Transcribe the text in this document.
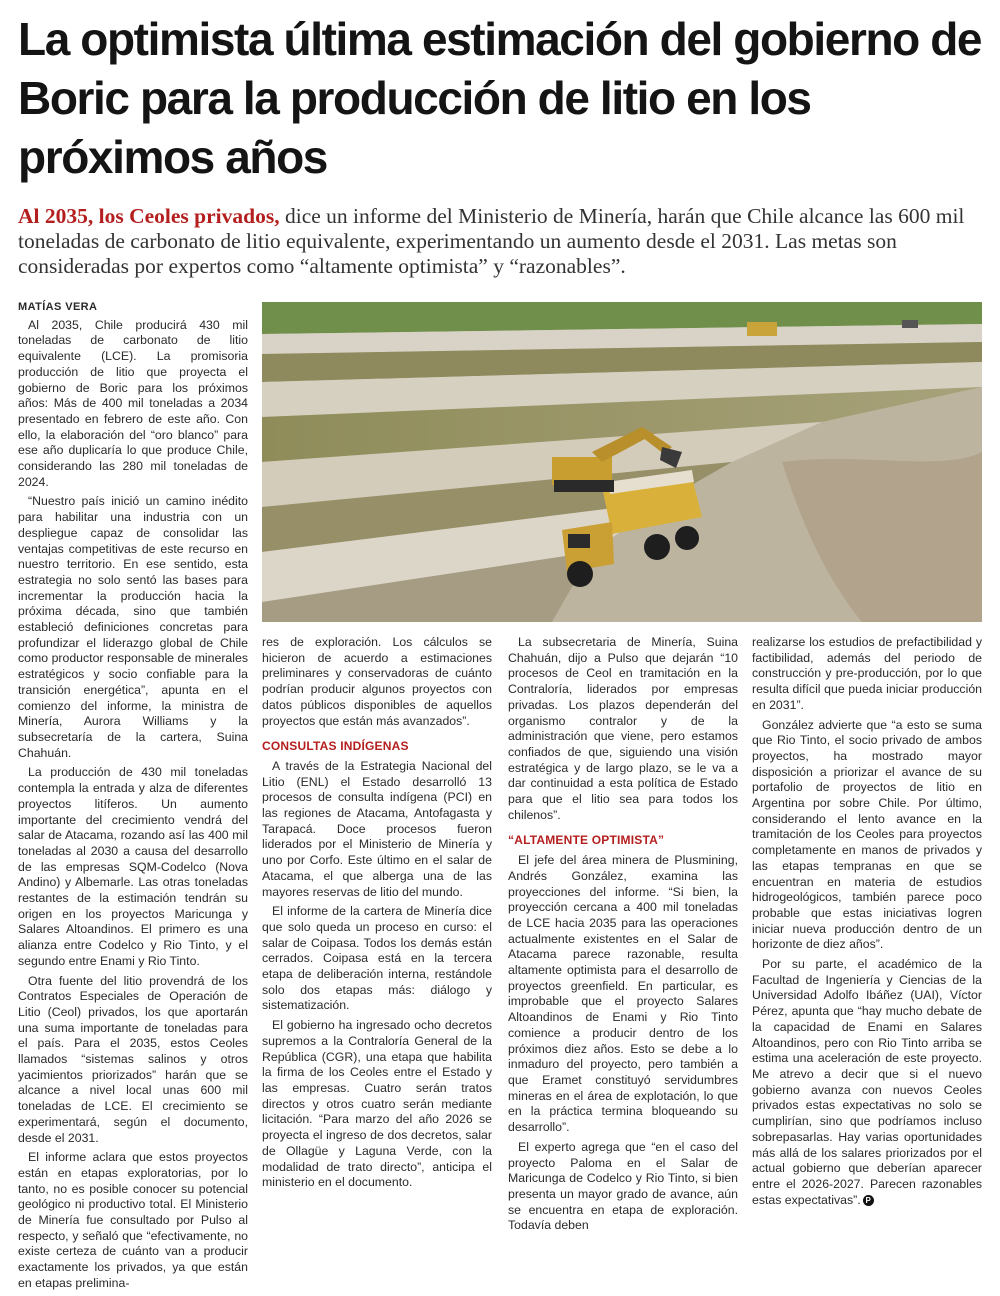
La optimista última estimación del gobierno de Boric para la producción de litio en los próximos años
Al 2035, los Ceoles privados, dice un informe del Ministerio de Minería, harán que Chile alcance las 600 mil toneladas de carbonato de litio equivalente, experimentando un aumento desde el 2031. Las metas son consideradas por expertos como “altamente optimista” y “razonables”.
MATÍAS VERA

Al 2035, Chile producirá 430 mil toneladas de carbonato de litio equivalente (LCE). La promisoria producción de litio que proyecta el gobierno de Boric para los próximos años: Más de 400 mil toneladas a 2034 presentado en febrero de este año. Con ello, la elaboración del “oro blanco” para ese año duplicaría lo que produce Chile, considerando las 280 mil toneladas de 2024.

“Nuestro país inició un camino inédito para habilitar una industria con un despliegue capaz de consolidar las ventajas competitivas de este recurso en nuestro territorio. En ese sentido, esta estrategia no solo sentó las bases para incrementar la producción hacia la próxima década, sino que también estableció definiciones concretas para profundizar el liderazgo global de Chile como productor responsable de minerales estratégicos y socio confiable para la transición energética”, apunta en el comienzo del informe, la ministra de Minería, Aurora Williams y la subsecretaría de la cartera, Suina Chahuán.

La producción de 430 mil toneladas contempla la entrada y alza de diferentes proyectos litíferos. Un aumento importante del crecimiento vendrá del salar de Atacama, rozando así las 400 mil toneladas al 2030 a causa del desarrollo de las empresas SQM-Codelco (Nova Andino) y Albemarle. Las otras toneladas restantes de la estimación tendrán su origen en los proyectos Maricunga y Salares Altoandinos. El primero es una alianza entre Codelco y Rio Tinto, y el segundo entre Enami y Rio Tinto.

Otra fuente del litio provendrá de los Contratos Especiales de Operación de Litio (Ceol) privados, los que aportarán una suma importante de toneladas para el país. Para el 2035, estos Ceoles llamados “sistemas salinos y otros yacimientos priorizados” harán que se alcance a nivel local unas 600 mil toneladas de LCE. El crecimiento se experimentará, según el documento, desde el 2031.

El informe aclara que estos proyectos están en etapas exploratorias, por lo tanto, no es posible conocer su potencial geológico ni productivo total. El Ministerio de Minería fue consultado por Pulso al respecto, y señaló que “efectivamente, no existe certeza de cuánto van a producir exactamente los privados, ya que están en etapas prelimina-

res de exploración. Los cálculos se hicieron de acuerdo a estimaciones preliminares y conservadoras de cuánto podrían producir algunos proyectos con datos públicos disponibles de aquellos proyectos que están más avanzados”.

CONSULTAS INDÍGENAS

A través de la Estrategia Nacional del Litio (ENL) el Estado desarrolló 13 procesos de consulta indígena (PCI) en las regiones de Atacama, Antofagasta y Tarapacá. Doce procesos fueron liderados por el Ministerio de Minería y uno por Corfo. Este último en el salar de Atacama, el que alberga una de las mayores reservas de litio del mundo.

El informe de la cartera de Minería dice que solo queda un proceso en curso: el salar de Coipasa. Todos los demás están cerrados. Coipasa está en la tercera etapa de deliberación interna, restándole solo dos etapas más: diálogo y sistematización.

El gobierno ha ingresado ocho decretos supremos a la Contraloría General de la República (CGR), una etapa que habilita la firma de los Ceoles entre el Estado y las empresas. Cuatro serán tratos directos y otros cuatro serán mediante licitación. “Para marzo del año 2026 se proyecta el ingreso de dos decretos, salar de Ollagüe y Laguna Verde, con la modalidad de trato directo”, anticipa el ministerio en el documento.

La subsecretaria de Minería, Suina Chahuán, dijo a Pulso que dejarán “10 procesos de Ceol en tramitación en la Contraloría, liderados por empresas privadas. Los plazos dependerán del organismo contralor y de la administración que viene, pero estamos confiados de que, siguiendo una visión estratégica y de largo plazo, se le va a dar continuidad a esta política de Estado para que el litio sea para todos los chilenos”.

“ALTAMENTE OPTIMISTA”

El jefe del área minera de Plusmining, Andrés González, examina las proyecciones del informe. “Si bien, la proyección cercana a 400 mil toneladas de LCE hacia 2035 para las operaciones actualmente existentes en el Salar de Atacama parece razonable, resulta altamente optimista para el desarrollo de proyectos greenfield. En particular, es improbable que el proyecto Salares Altoandinos de Enami y Rio Tinto comience a producir dentro de los próximos diez años. Esto se debe a lo inmaduro del proyecto, pero también a que Eramet constituyó servidumbres mineras en el área de explotación, lo que en la práctica termina bloqueando su desarrollo”.

El experto agrega que “en el caso del proyecto Paloma en el Salar de Maricunga de Codelco y Rio Tinto, si bien presenta un mayor grado de avance, aún se encuentra en etapa de exploración. Todavía deben

realizarse los estudios de prefactibilidad y factibilidad, además del periodo de construcción y pre-producción, por lo que resulta difícil que pueda iniciar producción en 2031”.

González advierte que “a esto se suma que Rio Tinto, el socio privado de ambos proyectos, ha mostrado mayor disposición a priorizar el avance de su portafolio de proyectos de litio en Argentina por sobre Chile. Por último, considerando el lento avance en la tramitación de los Ceoles para proyectos completamente en manos de privados y las etapas tempranas en que se encuentran en materia de estudios hidrogeológicos, también parece poco probable que estas iniciativas logren iniciar nueva producción dentro de un horizonte de diez años”.

Por su parte, el académico de la Facultad de Ingeniería y Ciencias de la Universidad Adolfo Ibáñez (UAI), Víctor Pérez, apunta que “hay mucho debate de la capacidad de Enami en Salares Altoandinos, pero con Rio Tinto arriba se estima una aceleración de este proyecto. Me atrevo a decir que si el nuevo gobierno avanza con nuevos Ceoles privados estas expectativas no solo se cumplirían, sino que podríamos incluso sobrepasarlas. Hay varias oportunidades más allá de los salares priorizados por el actual gobierno que deberían aparecer entre el 2026-2027. Parecen razonables estas expectativas”. P
